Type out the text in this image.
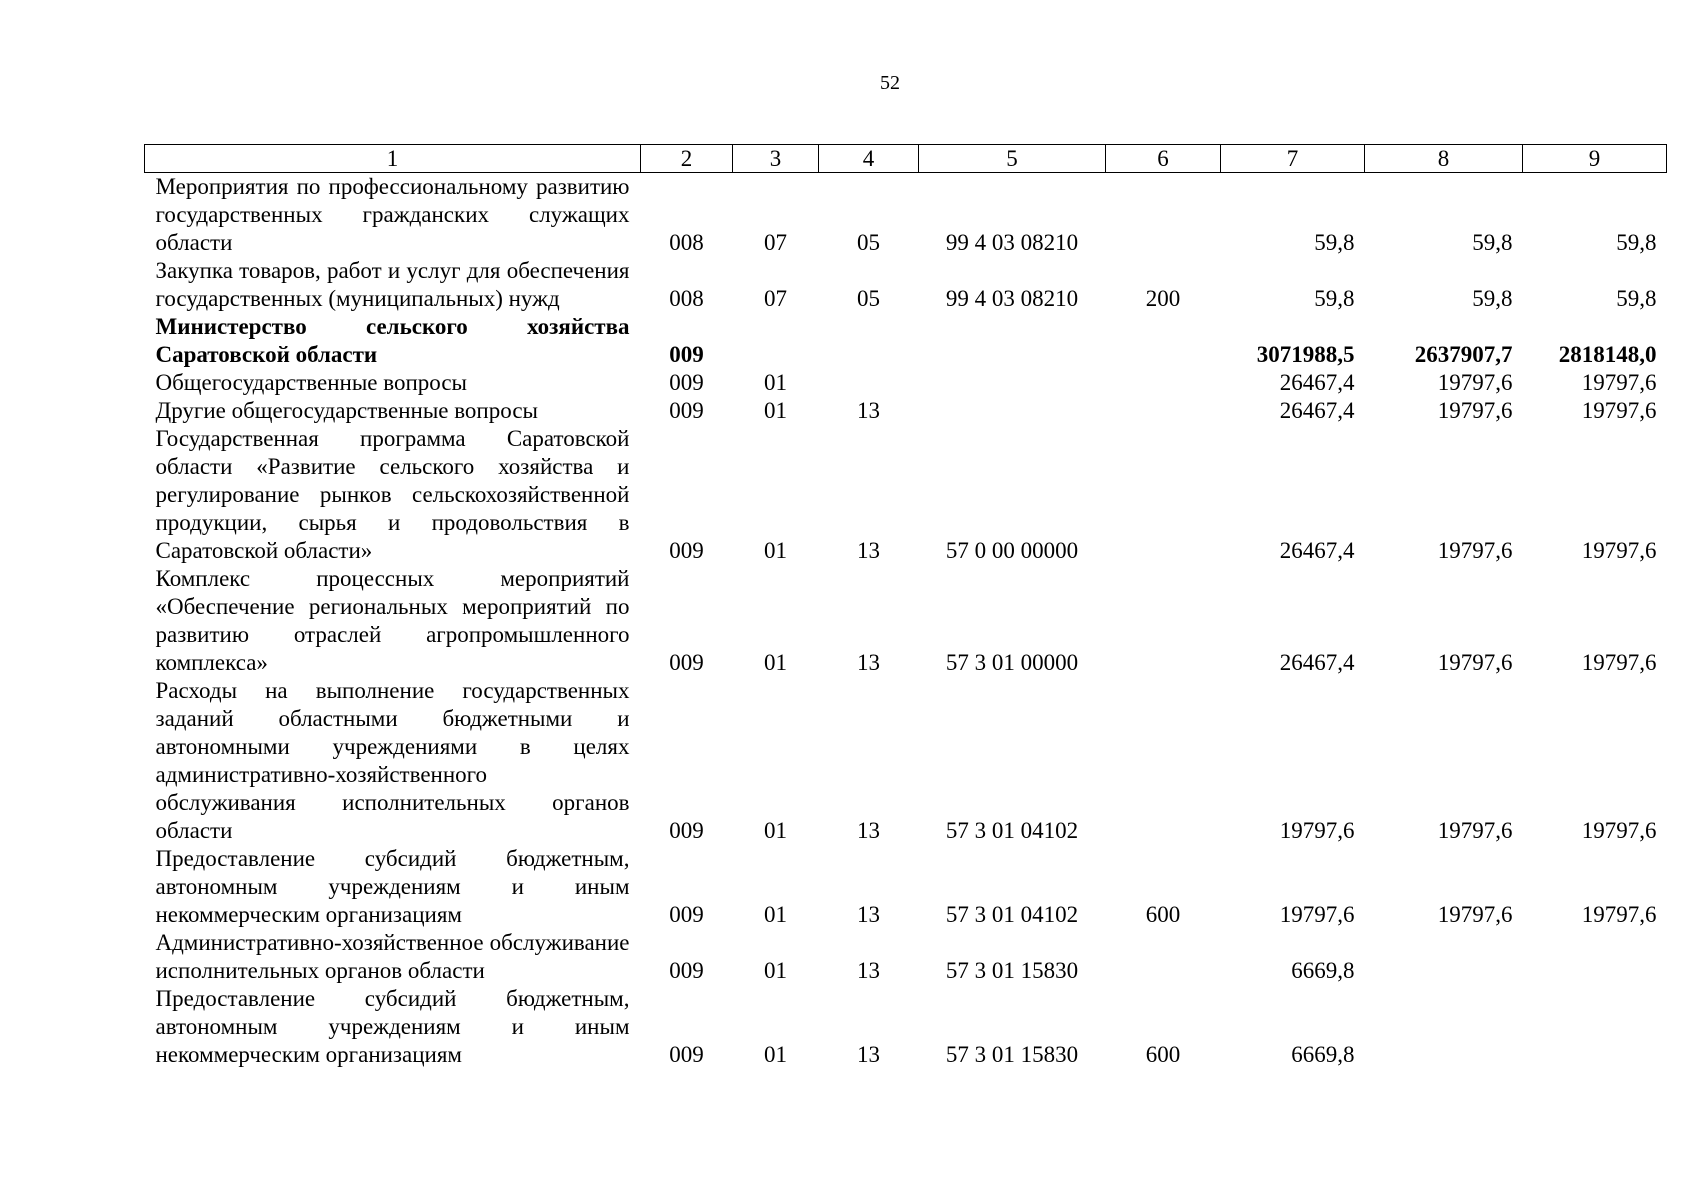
52
1	2	3	4	5	6	7	8	9
Мероприятия по профессиональному развитию государственных гражданских служащих области	008	07	05	99 4 03 08210		59,8	59,8	59,8
Закупка товаров, работ и услуг для обеспечения государственных (муниципальных) нужд	008	07	05	99 4 03 08210	200	59,8	59,8	59,8
Министерство сельского хозяйства Саратовской области	009					3071988,5	2637907,7	2818148,0
Общегосударственные вопросы	009	01				26467,4	19797,6	19797,6
Другие общегосударственные вопросы	009	01	13			26467,4	19797,6	19797,6
Государственная программа Саратовской области «Развитие сельского хозяйства и регулирование рынков сельскохозяйственной продукции, сырья и продовольствия в Саратовской области»	009	01	13	57 0 00 00000		26467,4	19797,6	19797,6
Комплекс процессных мероприятий «Обеспечение региональных мероприятий по развитию отраслей агропромышленного комплекса»	009	01	13	57 3 01 00000		26467,4	19797,6	19797,6
Расходы на выполнение государственных заданий областными бюджетными и автономными учреждениями в целях административно-хозяйственного обслуживания исполнительных органов области	009	01	13	57 3 01 04102		19797,6	19797,6	19797,6
Предоставление субсидий бюджетным, автономным учреждениям и иным некоммерческим организациям	009	01	13	57 3 01 04102	600	19797,6	19797,6	19797,6
Административно-хозяйственное обслуживание исполнительных органов области	009	01	13	57 3 01 15830		6669,8		
Предоставление субсидий бюджетным, автономным учреждениям и иным некоммерческим организациям	009	01	13	57 3 01 15830	600	6669,8		
